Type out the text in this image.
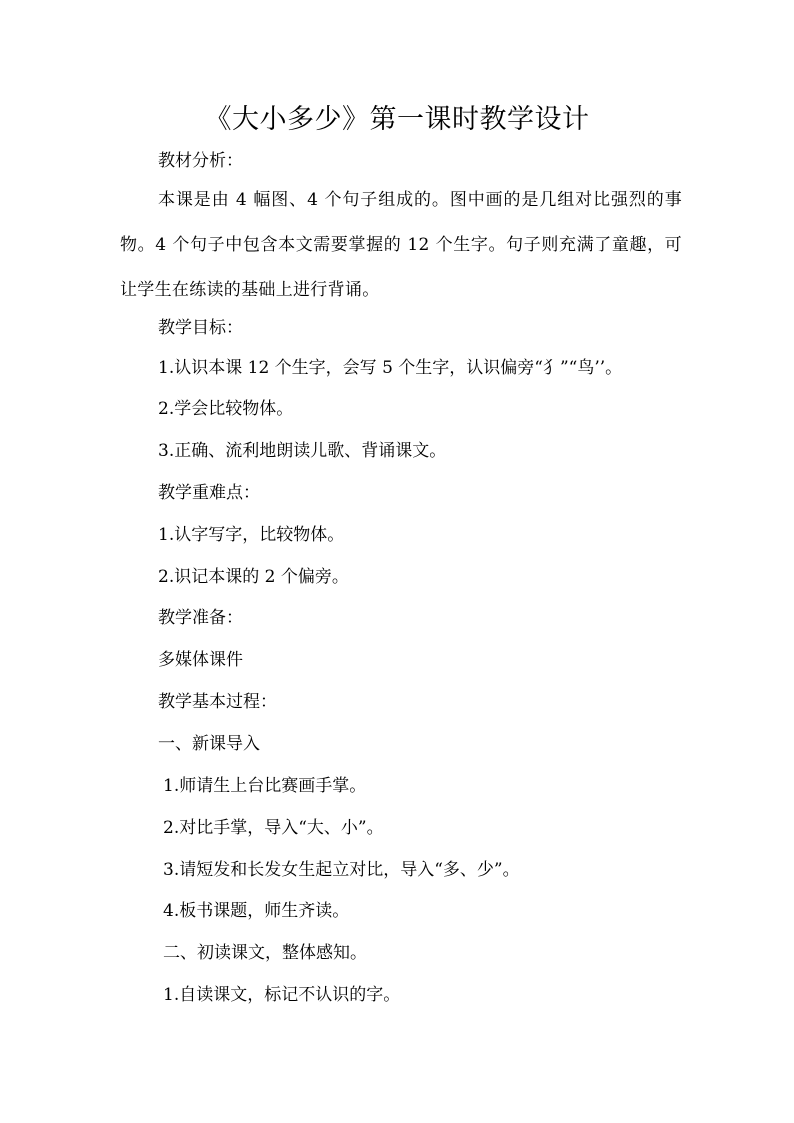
《大小多少》第一课时教学设计
教材分析：
本课是由 4 幅图、4 个句子组成的。图中画的是几组对比强烈的事物。4 个句子中包含本文需要掌握的 12 个生字。句子则充满了童趣，可让学生在练读的基础上进行背诵。
教学目标：
1.认识本课 12 个生字，会写 5 个生字，认识偏旁“犭”“鸟’’。
2.学会比较物体。
3.正确、流利地朗读儿歌、背诵课文。
教学重难点：
1.认字写字，比较物体。
2.识记本课的 2 个偏旁。
教学准备：
多媒体课件
教学基本过程：
一、新课导入
1.师请生上台比赛画手掌。
2.对比手掌，导入“大、小”。
3.请短发和长发女生起立对比，导入“多、少”。
4.板书课题，师生齐读。
二、初读课文，整体感知。
1.自读课文，标记不认识的字。
